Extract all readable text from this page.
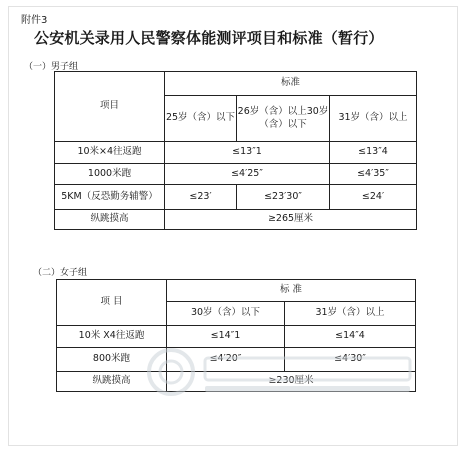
附件3
公安机关录用人民警察体能测评项目和标准（暂行）
（一）男子组
项目	标准		
	25岁（含）以下	26岁（含）以上30岁（含）以下	31岁（含）以上
10米×4往返跑	≤13″1		≤13″4
1000米跑	≤4′25″		≤4′35″
5KM（反恐勤务辅警）	≤23′	≤23′30″	≤24′
纵跳摸高	≥265厘米		
（二）女子组
项 目	标 准	
	30岁（含）以下	31岁（含）以上
10米 X4往返跑	≤14″1	≤14″4
800米跑	≤4′20″	≤4′30″
纵跳摸高	≥230厘米	
